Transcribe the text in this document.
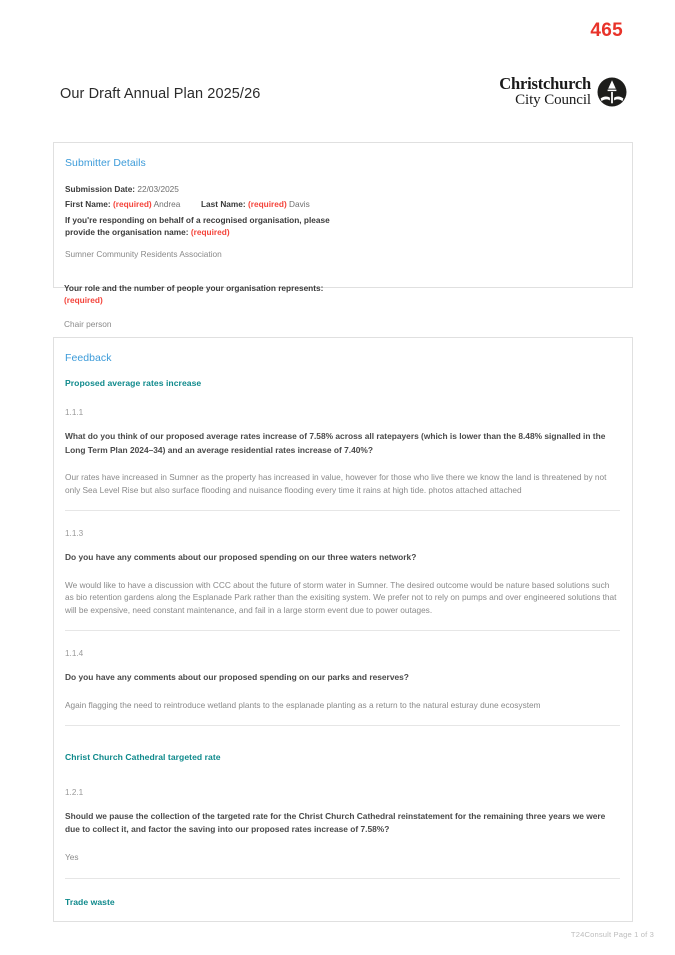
465
Our Draft Annual Plan 2025/26
Christchurch
City Council
Submitter Details
Submission Date: 22/03/2025
First Name: (required) Andrea Last Name: (required) Davis
If you're responding on behalf of a recognised organisation, please provide the organisation name: (required)
Sumner Community Residents Association
Your role and the number of people your organisation represents: (required)
Chair person
Feedback
Proposed average rates increase
1.1.1
What do you think of our proposed average rates increase of 7.58% across all ratepayers (which is lower than the 8.48% signalled in the Long Term Plan 2024–34) and an average residential rates increase of 7.40%?
Our rates have increased in Sumner as the property has increased in value, however for those who live there we know the land is threatened by not only Sea Level Rise but also surface flooding and nuisance flooding every time it rains at high tide. photos attached attached
1.1.3
Do you have any comments about our proposed spending on our three waters network?
We would like to have a discussion with CCC about the future of storm water in Sumner. The desired outcome would be nature based solutions such as bio retention gardens along the Esplanade Park rather than the exisiting system. We prefer not to rely on pumps and over engineered solutions that will be expensive, need constant maintenance, and fail in a large storm event due to power outages.
1.1.4
Do you have any comments about our proposed spending on our parks and reserves?
Again flagging the need to reintroduce wetland plants to the esplanade planting as a return to the natural esturay dune ecosystem
Christ Church Cathedral targeted rate
1.2.1
Should we pause the collection of the targeted rate for the Christ Church Cathedral reinstatement for the remaining three years we were due to collect it, and factor the saving into our proposed rates increase of 7.58%?
Yes
Trade waste
T24Consult Page 1 of 3
